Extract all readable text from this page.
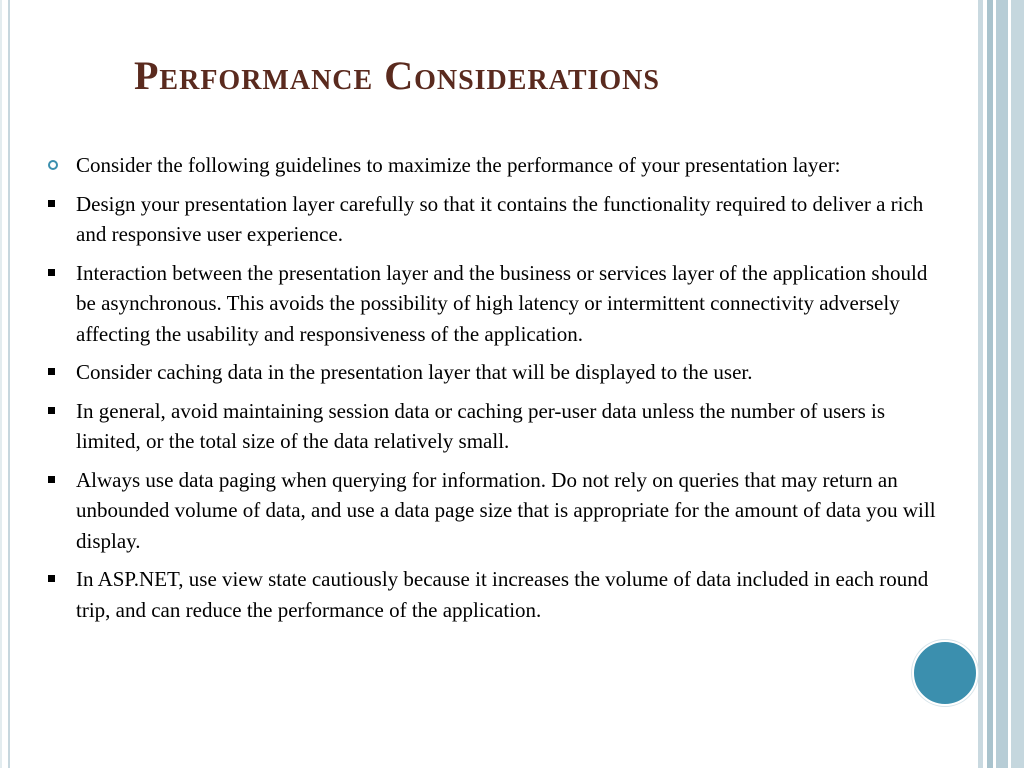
Performance Considerations
Consider the following guidelines to maximize the performance of your presentation layer:
Design your presentation layer carefully so that it contains the functionality required to deliver a rich and responsive user experience.
Interaction between the presentation layer and the business or services layer of the application should be asynchronous. This avoids the possibility of high latency or intermittent connectivity adversely affecting the usability and responsiveness of the application.
Consider caching data in the presentation layer that will be displayed to the user.
In general, avoid maintaining session data or caching per-user data unless the number of users is limited, or the total size of the data relatively small.
Always use data paging when querying for information. Do not rely on queries that may return an unbounded volume of data, and use a data page size that is appropriate for the amount of data you will display.
In ASP.NET, use view state cautiously because it increases the volume of data included in each round trip, and can reduce the performance of the application.
